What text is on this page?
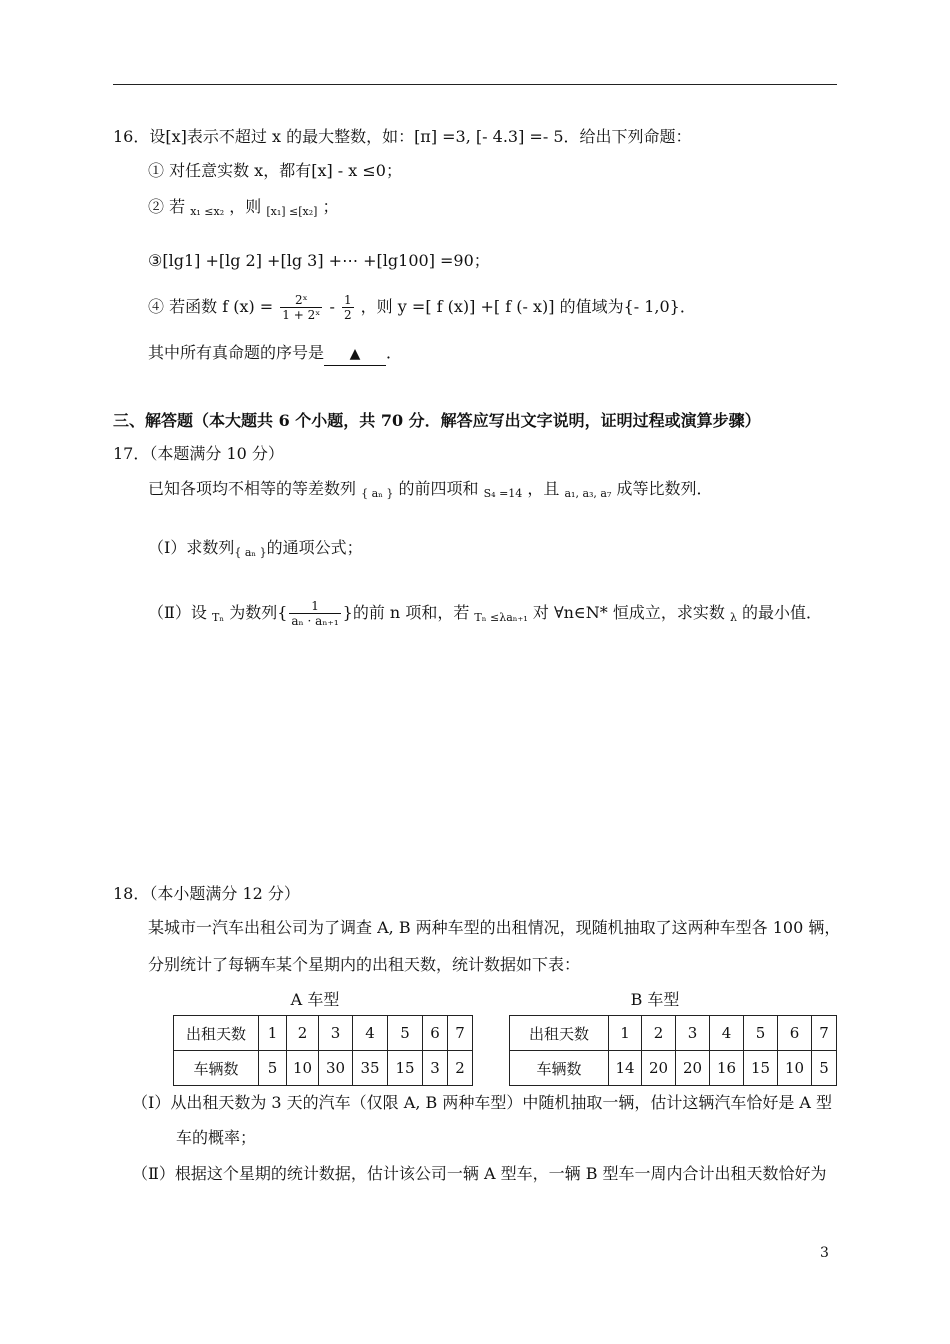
16．设[x]表示不超过 x 的最大整数，如：[π] =3, [- 4.3] =- 5．给出下列命题：
① 对任意实数 x，都有[x] - x ≤0；
② 若 x₁ ≤x₂ ，则 [x₁] ≤[x₂] ；
③[lg1] +[lg 2] +[lg 3] +⋯ +[lg100] =90；
④ 若函数 f $(x) = \frac{\text{2ˣ}}{\text{1 + 2ˣ}} - \frac{1}{2}$ ，则 y =[ f (x)] +[ f (- x)] 的值域为{- 1,0}．
其中所有真命题的序号是 ▲ ．
三、解答题（本大题共 6 个小题，共 70 分．解答应写出文字说明，证明过程或演算步骤）
17．（本题满分 10 分）
已知各项均不相等的等差数列 { aₙ } 的前四项和 S₄ =14 ，且 a₁, a₃, a₇ 成等比数列．
（Ⅰ）求数列{ aₙ }的通项公式；
（Ⅱ）设 Tₙ 为数列{ $\frac{1}{\text{aₙ · aₙ₊₁}}$ }的前 n 项和，若 Tₙ ≤λaₙ₊₁ 对 ∀n∈N* 恒成立，求实数 λ 的最小值．
18．（本小题满分 12 分）
某城市一汽车出租公司为了调查 A, B 两种车型的出租情况，现随机抽取了这两种车型各 100 辆，
分别统计了每辆车某个星期内的出租天数，统计数据如下表：
A 车型	B 车型
出租天数	1	2	3	4	5	6	7
车辆数	5	10	30	35	15	3	2
出租天数	1	2	3	4	5	6	7
车辆数	14	20	20	16	15	10	5
（Ⅰ）从出租天数为 3 天的汽车（仅限 A, B 两种车型）中随机抽取一辆，估计这辆汽车恰好是 A 型
车的概率；
（Ⅱ）根据这个星期的统计数据，估计该公司一辆 A 型车，一辆 B 型车一周内合计出租天数恰好为
3
